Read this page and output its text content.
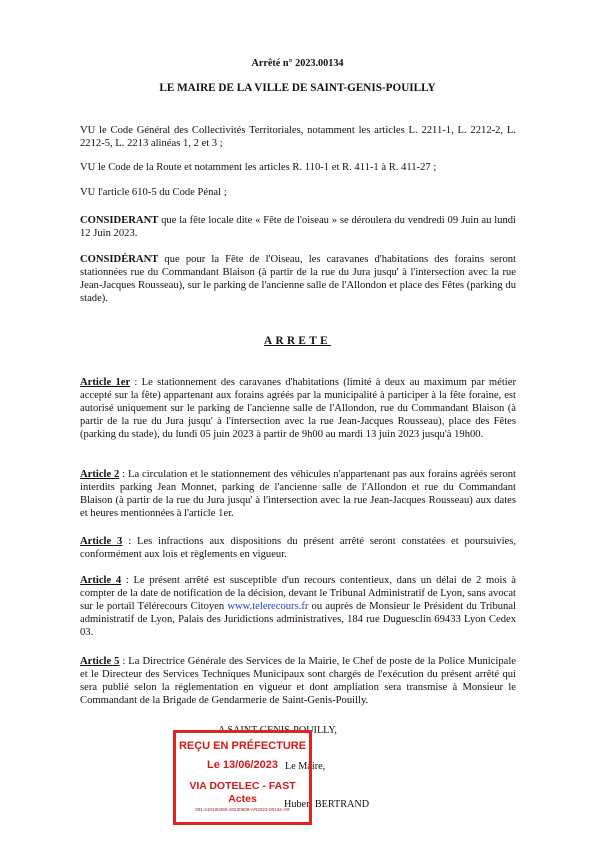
Arrêté n° 2023.00134
LE MAIRE DE LA VILLE DE SAINT-GENIS-POUILLY

VU le Code Général des Collectivités Territoriales, notamment les articles L. 2211-1, L. 2212-2, L. 2212-5, L. 2213 alinéas 1, 2 et 3 ;

VU le Code de la Route et notamment les articles R. 110-1 et R. 411-1 à R. 411-27 ;

VU l'article 610-5 du Code Pénal ;

CONSIDERANT que la fête locale dite « Fête de l'oiseau » se déroulera du vendredi 09 Juin au lundi 12 Juin 2023.

CONSIDÉRANT que pour la Fête de l'Oiseau, les caravanes d'habitations des forains seront stationnées rue du Commandant Blaison (à partir de la rue du Jura jusqu' à l'intersection avec la rue Jean-Jacques Rousseau), sur le parking de l'ancienne salle de l'Allondon et place des Fêtes (parking du stade).

ARRETE

Article 1er : Le stationnement des caravanes d'habitations (limité à deux au maximum par métier accepté sur la fête) appartenant aux forains agréés par la municipalité à participer à la fête foraine, est autorisé uniquement sur le parking de l'ancienne salle de l'Allondon, rue du Commandant Blaison (à partir de la rue du Jura jusqu' à l'intersection avec la rue Jean-Jacques Rousseau), place des Fêtes (parking du stade), du lundi 05 juin 2023 à partir de 9h00 au mardi 13 juin 2023 jusqu'à 19h00.

Article 2 : La circulation et le stationnement des véhicules n'appartenant pas aux forains agréés seront interdits parking Jean Monnet, parking de l'ancienne salle de l'Allondon et rue du Commandant Blaison (à partir de la rue du Jura jusqu' à l'intersection avec la rue Jean-Jacques Rousseau) aux dates et heures mentionnées à l'article 1er.

Article 3 : Les infractions aux dispositions du présent arrêté seront constatées et poursuivies, conformément aux lois et règlements en vigueur.

Article 4 : Le présent arrêté est susceptible d'un recours contentieux, dans un délai de 2 mois à compter de la date de notification de la décision, devant le Tribunal Administratif de Lyon, sans avocat sur le portail Télérecours Citoyen www.telerecours.fr ou auprès de Monsieur le Président du Tribunal administratif de Lyon, Palais des Juridictions administratives, 184 rue Duguesclin 69433 Lyon Cedex 03.

Article 5 : La Directrice Générale des Services de la Mairie, le Chef de poste de la Police Municipale et le Directeur des Services Techniques Municipaux sont chargés de l'exécution du présent arrêté qui sera publié selon la réglementation en vigueur et dont ampliation sera transmise à Monsieur le Commandant de la Brigade de Gendarmerie de Saint-Genis-Pouilly.

A SAINT-GENIS-POUILLY,
Le Maire,
Hubert BERTRAND
REÇU EN PRÉFECTURE
Le 13/06/2023
VIA DOTELEC - FAST Actes
001-210100466-20230609-AR2023-00134-AR
